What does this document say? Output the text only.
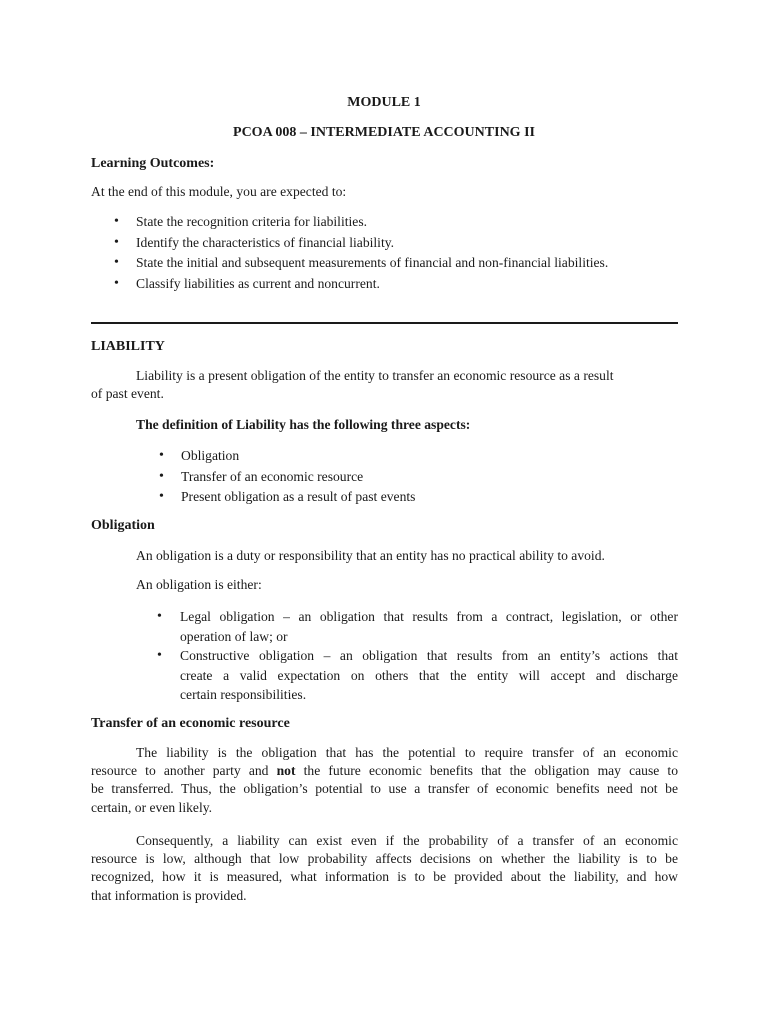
MODULE 1
PCOA 008 – INTERMEDIATE ACCOUNTING II
Learning Outcomes:
At the end of this module, you are expected to:
• State the recognition criteria for liabilities.
• Identify the characteristics of financial liability.
• State the initial and subsequent measurements of financial and non-financial liabilities.
• Classify liabilities as current and noncurrent.
LIABILITY
Liability is a present obligation of the entity to transfer an economic resource as a result
of past event.
The definition of Liability has the following three aspects:
• Obligation
• Transfer of an economic resource
• Present obligation as a result of past events
Obligation
An obligation is a duty or responsibility that an entity has no practical ability to avoid.
An obligation is either:
• Legal obligation – an obligation that results from a contract, legislation, or other
operation of law; or
• Constructive obligation – an obligation that results from an entity’s actions that
create a valid expectation on others that the entity will accept and discharge
certain responsibilities.
Transfer of an economic resource
The liability is the obligation that has the potential to require transfer of an economic
resource to another party and not the future economic benefits that the obligation may cause to
be transferred. Thus, the obligation’s potential to use a transfer of economic benefits need not be
certain, or even likely.
Consequently, a liability can exist even if the probability of a transfer of an economic
resource is low, although that low probability affects decisions on whether the liability is to be
recognized, how it is measured, what information is to be provided about the liability, and how
that information is provided.
